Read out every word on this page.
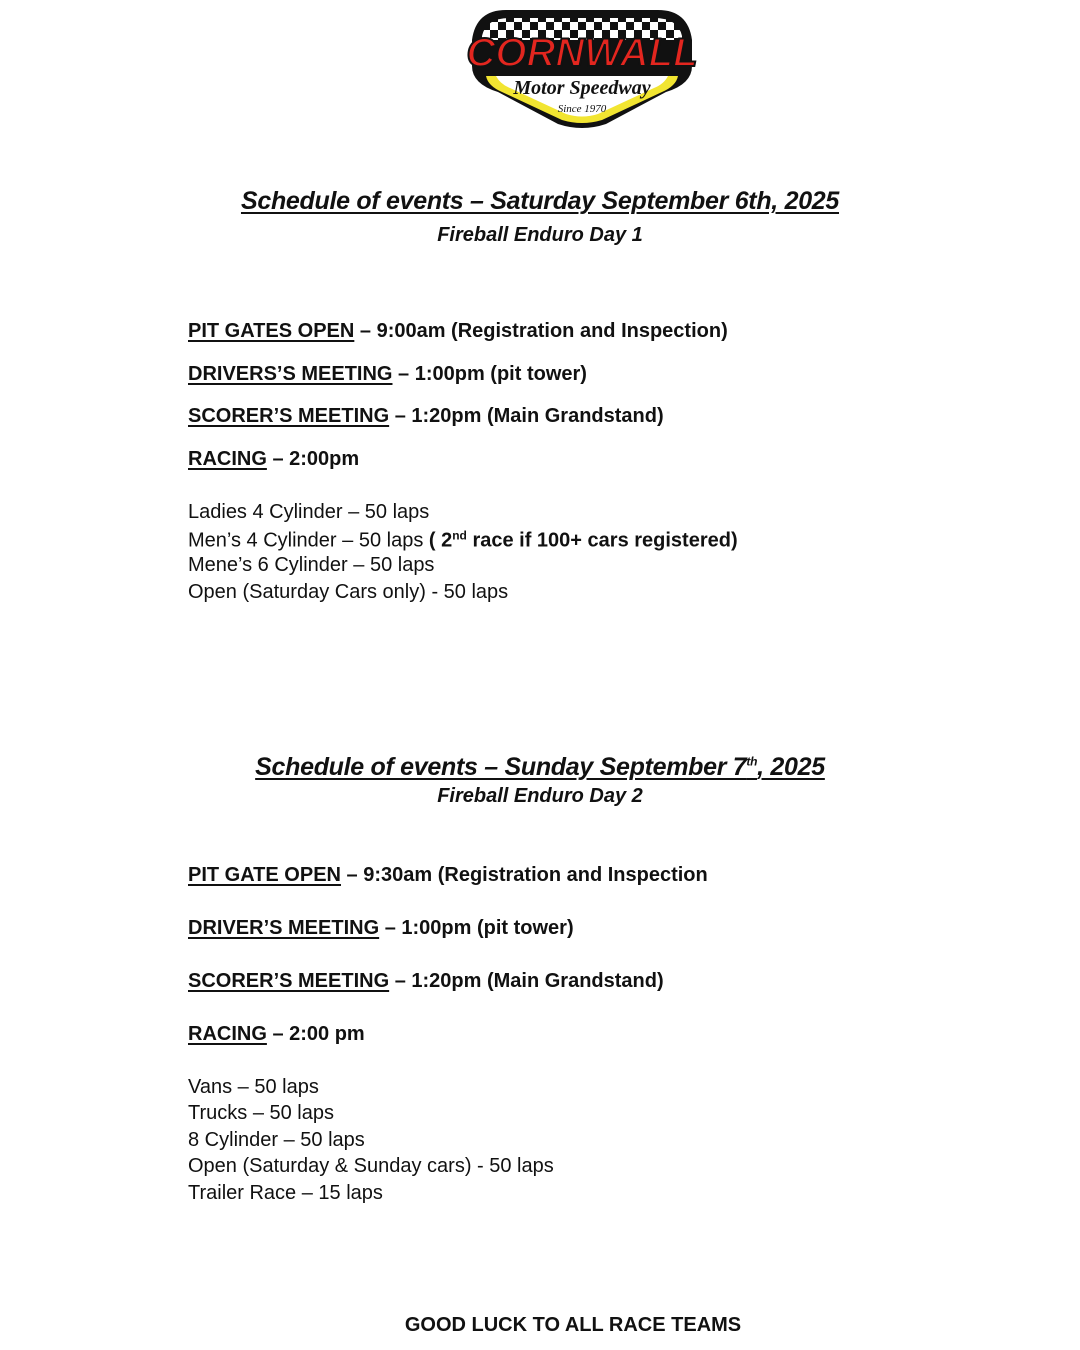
CORNWALL
Motor Speedway
Since 1970
Schedule of events – Saturday September 6th, 2025
Fireball Enduro Day 1
PIT GATES OPEN – 9:00am (Registration and Inspection)
DRIVERS’S MEETING – 1:00pm (pit tower)
SCORER’S MEETING – 1:20pm (Main Grandstand)
RACING – 2:00pm
Ladies 4 Cylinder – 50 laps
Men’s 4 Cylinder – 50 laps ( 2nd race if 100+ cars registered)
Mene’s 6 Cylinder – 50 laps
Open (Saturday Cars only) - 50 laps
Schedule of events – Sunday September 7th, 2025
Fireball Enduro Day 2
PIT GATE OPEN – 9:30am (Registration and Inspection
DRIVER’S MEETING – 1:00pm (pit tower)
SCORER’S MEETING – 1:20pm (Main Grandstand)
RACING – 2:00 pm
Vans – 50 laps
Trucks – 50 laps
8 Cylinder – 50 laps
Open (Saturday & Sunday cars) - 50 laps
Trailer Race – 15 laps
GOOD LUCK TO ALL RACE TEAMS
